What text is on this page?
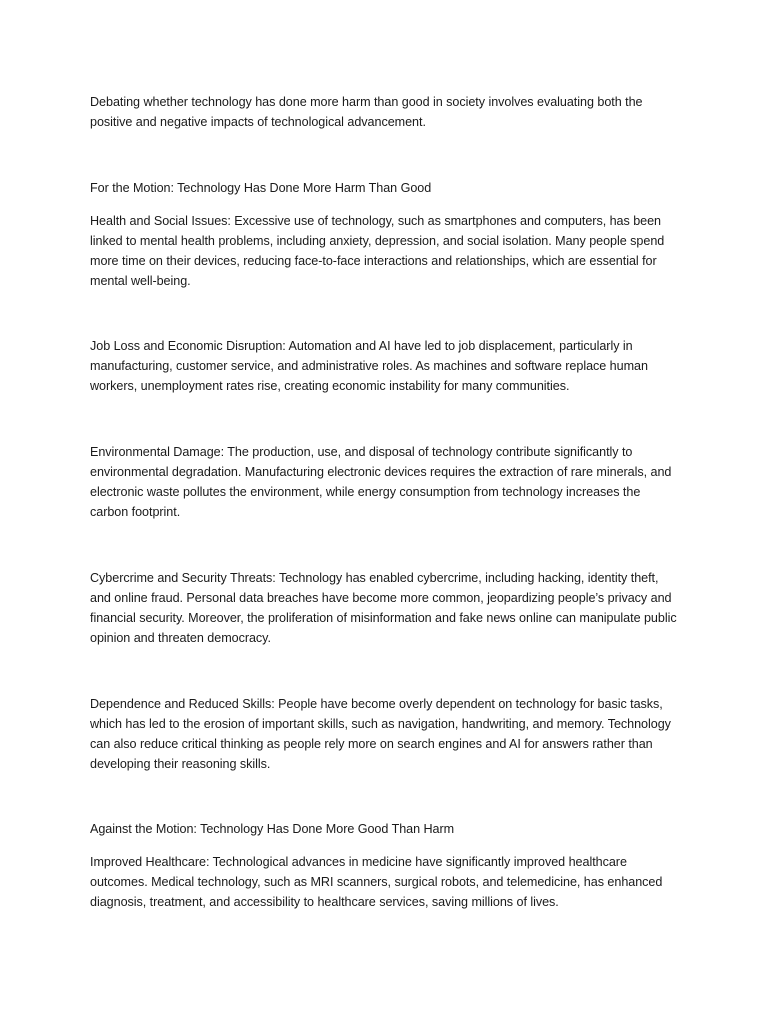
Debating whether technology has done more harm than good in society involves evaluating both the positive and negative impacts of technological advancement.

For the Motion: Technology Has Done More Harm Than Good

Health and Social Issues: Excessive use of technology, such as smartphones and computers, has been linked to mental health problems, including anxiety, depression, and social isolation. Many people spend more time on their devices, reducing face-to-face interactions and relationships, which are essential for mental well-being.

Job Loss and Economic Disruption: Automation and AI have led to job displacement, particularly in manufacturing, customer service, and administrative roles. As machines and software replace human workers, unemployment rates rise, creating economic instability for many communities.

Environmental Damage: The production, use, and disposal of technology contribute significantly to environmental degradation. Manufacturing electronic devices requires the extraction of rare minerals, and electronic waste pollutes the environment, while energy consumption from technology increases the carbon footprint.

Cybercrime and Security Threats: Technology has enabled cybercrime, including hacking, identity theft, and online fraud. Personal data breaches have become more common, jeopardizing people’s privacy and financial security. Moreover, the proliferation of misinformation and fake news online can manipulate public opinion and threaten democracy.

Dependence and Reduced Skills: People have become overly dependent on technology for basic tasks, which has led to the erosion of important skills, such as navigation, handwriting, and memory. Technology can also reduce critical thinking as people rely more on search engines and AI for answers rather than developing their reasoning skills.

Against the Motion: Technology Has Done More Good Than Harm

Improved Healthcare: Technological advances in medicine have significantly improved healthcare outcomes. Medical technology, such as MRI scanners, surgical robots, and telemedicine, has enhanced diagnosis, treatment, and accessibility to healthcare services, saving millions of lives.
